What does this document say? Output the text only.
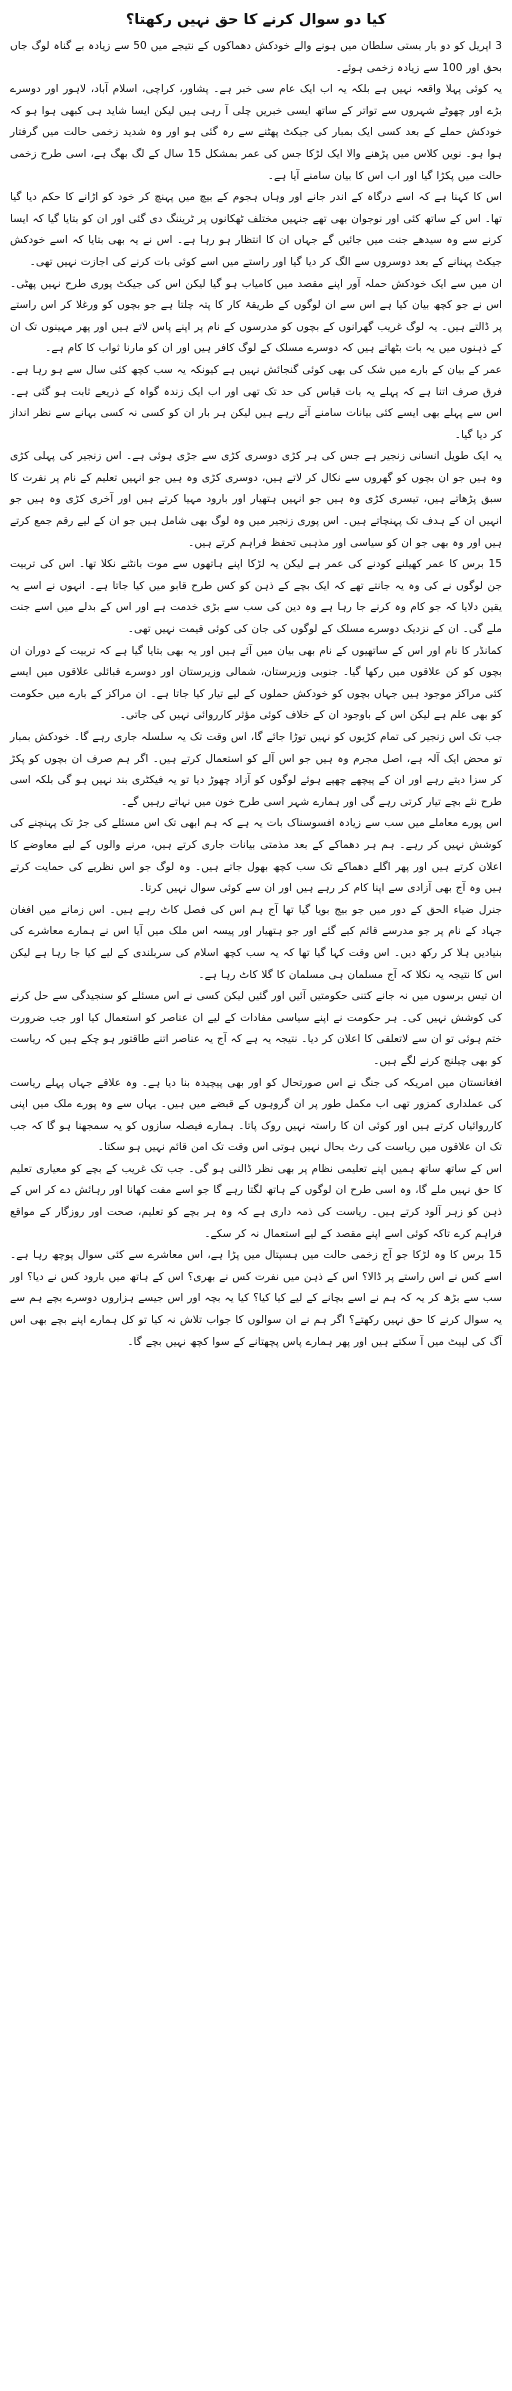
کیا دو سوال کرنے کا حق نہیں رکھتا؟

3 اپریل کو دو بار بستی سلطان میں ہونے والے خودکش دھماکوں کے نتیجے میں 50 سے زیادہ بے گناہ لوگ جاں بحق اور 100 سے زیادہ زخمی ہوئے۔

یہ کوئی پہلا واقعہ نہیں ہے بلکہ یہ اب ایک عام سی خبر ہے۔ پشاور، کراچی، اسلام آباد، لاہور اور دوسرے بڑے اور چھوٹے شہروں سے تواتر کے ساتھ ایسی خبریں چلی آ رہی ہیں لیکن ایسا شاید ہی کبھی ہوا ہو کہ خودکش حملے کے بعد کسی ایک بمبار کی جیکٹ پھٹنے سے رہ گئی ہو اور وہ شدید زخمی حالت میں گرفتار ہوا ہو۔ نویں کلاس میں پڑھنے والا ایک لڑکا جس کی عمر بمشکل 15 سال کے لگ بھگ ہے، اسی طرح زخمی حالت میں پکڑا گیا اور اب اس کا بیان سامنے آیا ہے۔

اس کا کہنا ہے کہ اسے درگاہ کے اندر جانے اور وہاں ہجوم کے بیچ میں پہنچ کر خود کو اڑانے کا حکم دیا گیا تھا۔ اس کے ساتھ کئی اور نوجوان بھی تھے جنہیں مختلف ٹھکانوں پر ٹریننگ دی گئی اور ان کو بتایا گیا کہ ایسا کرنے سے وہ سیدھے جنت میں جائیں گے جہاں ان کا انتظار ہو رہا ہے۔ اس نے یہ بھی بتایا کہ اسے خودکش جیکٹ پہنانے کے بعد دوسروں سے الگ کر دیا گیا اور راستے میں اسے کوئی بات کرنے کی اجازت نہیں تھی۔

ان میں سے ایک خودکش حملہ آور اپنے مقصد میں کامیاب ہو گیا لیکن اس کی جیکٹ پوری طرح نہیں پھٹی۔ اس نے جو کچھ بیان کیا ہے اس سے ان لوگوں کے طریقۂ کار کا پتہ چلتا ہے جو بچوں کو ورغلا کر اس راستے پر ڈالتے ہیں۔ یہ لوگ غریب گھرانوں کے بچوں کو مدرسوں کے نام پر اپنے پاس لاتے ہیں اور پھر مہینوں تک ان کے ذہنوں میں یہ بات بٹھاتے ہیں کہ دوسرے مسلک کے لوگ کافر ہیں اور ان کو مارنا ثواب کا کام ہے۔

عمر کے بیان کے بارے میں شک کی بھی کوئی گنجائش نہیں ہے کیونکہ یہ سب کچھ کئی سال سے ہو رہا ہے۔ فرق صرف اتنا ہے کہ پہلے یہ بات قیاس کی حد تک تھی اور اب ایک زندہ گواہ کے ذریعے ثابت ہو گئی ہے۔ اس سے پہلے بھی ایسے کئی بیانات سامنے آتے رہے ہیں لیکن ہر بار ان کو کسی نہ کسی بہانے سے نظر انداز کر دیا گیا۔

یہ ایک طویل انسانی زنجیر ہے جس کی ہر کڑی دوسری کڑی سے جڑی ہوئی ہے۔ اس زنجیر کی پہلی کڑی وہ ہیں جو ان بچوں کو گھروں سے نکال کر لاتے ہیں، دوسری کڑی وہ ہیں جو انہیں تعلیم کے نام پر نفرت کا سبق پڑھاتے ہیں، تیسری کڑی وہ ہیں جو انہیں ہتھیار اور بارود مہیا کرتے ہیں اور آخری کڑی وہ ہیں جو انہیں ان کے ہدف تک پہنچاتے ہیں۔ اس پوری زنجیر میں وہ لوگ بھی شامل ہیں جو ان کے لیے رقم جمع کرتے ہیں اور وہ بھی جو ان کو سیاسی اور مذہبی تحفظ فراہم کرتے ہیں۔

15 برس کا عمر کھیلنے کودنے کی عمر ہے لیکن یہ لڑکا اپنے ہاتھوں سے موت بانٹنے نکلا تھا۔ اس کی تربیت جن لوگوں نے کی وہ یہ جانتے تھے کہ ایک بچے کے ذہن کو کس طرح قابو میں کیا جاتا ہے۔ انہوں نے اسے یہ یقین دلایا کہ جو کام وہ کرنے جا رہا ہے وہ دین کی سب سے بڑی خدمت ہے اور اس کے بدلے میں اسے جنت ملے گی۔ ان کے نزدیک دوسرے مسلک کے لوگوں کی جان کی کوئی قیمت نہیں تھی۔

کمانڈر کا نام اور اس کے ساتھیوں کے نام بھی بیان میں آئے ہیں اور یہ بھی بتایا گیا ہے کہ تربیت کے دوران ان بچوں کو کن علاقوں میں رکھا گیا۔ جنوبی وزیرستان، شمالی وزیرستان اور دوسرے قبائلی علاقوں میں ایسے کئی مراکز موجود ہیں جہاں بچوں کو خودکش حملوں کے لیے تیار کیا جاتا ہے۔ ان مراکز کے بارے میں حکومت کو بھی علم ہے لیکن اس کے باوجود ان کے خلاف کوئی مؤثر کارروائی نہیں کی جاتی۔

جب تک اس زنجیر کی تمام کڑیوں کو نہیں توڑا جائے گا، اس وقت تک یہ سلسلہ جاری رہے گا۔ خودکش بمبار تو محض ایک آلہ ہے، اصل مجرم وہ ہیں جو اس آلے کو استعمال کرتے ہیں۔ اگر ہم صرف ان بچوں کو پکڑ کر سزا دیتے رہے اور ان کے پیچھے چھپے ہوئے لوگوں کو آزاد چھوڑ دیا تو یہ فیکٹری بند نہیں ہو گی بلکہ اسی طرح نئے بچے تیار کرتی رہے گی اور ہمارے شہر اسی طرح خون میں نہاتے رہیں گے۔

اس پورے معاملے میں سب سے زیادہ افسوسناک بات یہ ہے کہ ہم ابھی تک اس مسئلے کی جڑ تک پہنچنے کی کوشش نہیں کر رہے۔ ہم ہر دھماکے کے بعد مذمتی بیانات جاری کرتے ہیں، مرنے والوں کے لیے معاوضے کا اعلان کرتے ہیں اور پھر اگلے دھماکے تک سب کچھ بھول جاتے ہیں۔ وہ لوگ جو اس نظریے کی حمایت کرتے ہیں وہ آج بھی آزادی سے اپنا کام کر رہے ہیں اور ان سے کوئی سوال نہیں کرتا۔

جنرل ضیاء الحق کے دور میں جو بیج بویا گیا تھا آج ہم اس کی فصل کاٹ رہے ہیں۔ اس زمانے میں افغان جہاد کے نام پر جو مدرسے قائم کیے گئے اور جو ہتھیار اور پیسہ اس ملک میں آیا اس نے ہمارے معاشرے کی بنیادیں ہلا کر رکھ دیں۔ اس وقت کہا گیا تھا کہ یہ سب کچھ اسلام کی سربلندی کے لیے کیا جا رہا ہے لیکن اس کا نتیجہ یہ نکلا کہ آج مسلمان ہی مسلمان کا گلا کاٹ رہا ہے۔

ان تیس برسوں میں نہ جانے کتنی حکومتیں آئیں اور گئیں لیکن کسی نے اس مسئلے کو سنجیدگی سے حل کرنے کی کوشش نہیں کی۔ ہر حکومت نے اپنے سیاسی مفادات کے لیے ان عناصر کو استعمال کیا اور جب ضرورت ختم ہوئی تو ان سے لاتعلقی کا اعلان کر دیا۔ نتیجہ یہ ہے کہ آج یہ عناصر اتنے طاقتور ہو چکے ہیں کہ ریاست کو بھی چیلنج کرنے لگے ہیں۔

افغانستان میں امریکہ کی جنگ نے اس صورتحال کو اور بھی پیچیدہ بنا دیا ہے۔ وہ علاقے جہاں پہلے ریاست کی عملداری کمزور تھی اب مکمل طور پر ان گروہوں کے قبضے میں ہیں۔ یہاں سے وہ پورے ملک میں اپنی کارروائیاں کرتے ہیں اور کوئی ان کا راستہ نہیں روک پاتا۔ ہمارے فیصلہ سازوں کو یہ سمجھنا ہو گا کہ جب تک ان علاقوں میں ریاست کی رٹ بحال نہیں ہوتی اس وقت تک امن قائم نہیں ہو سکتا۔

اس کے ساتھ ساتھ ہمیں اپنے تعلیمی نظام پر بھی نظر ڈالنی ہو گی۔ جب تک غریب کے بچے کو معیاری تعلیم کا حق نہیں ملے گا، وہ اسی طرح ان لوگوں کے ہاتھ لگتا رہے گا جو اسے مفت کھانا اور رہائش دے کر اس کے ذہن کو زہر آلود کرتے ہیں۔ ریاست کی ذمہ داری ہے کہ وہ ہر بچے کو تعلیم، صحت اور روزگار کے مواقع فراہم کرے تاکہ کوئی اسے اپنے مقصد کے لیے استعمال نہ کر سکے۔

15 برس کا وہ لڑکا جو آج زخمی حالت میں ہسپتال میں پڑا ہے، اس معاشرے سے کئی سوال پوچھ رہا ہے۔ اسے کس نے اس راستے پر ڈالا؟ اس کے ذہن میں نفرت کس نے بھری؟ اس کے ہاتھ میں بارود کس نے دیا؟ اور سب سے بڑھ کر یہ کہ ہم نے اسے بچانے کے لیے کیا کیا؟ کیا یہ بچہ اور اس جیسے ہزاروں دوسرے بچے ہم سے یہ سوال کرنے کا حق نہیں رکھتے؟ اگر ہم نے ان سوالوں کا جواب تلاش نہ کیا تو کل ہمارے اپنے بچے بھی اس آگ کی لپیٹ میں آ سکتے ہیں اور پھر ہمارے پاس پچھتانے کے سوا کچھ نہیں بچے گا۔
